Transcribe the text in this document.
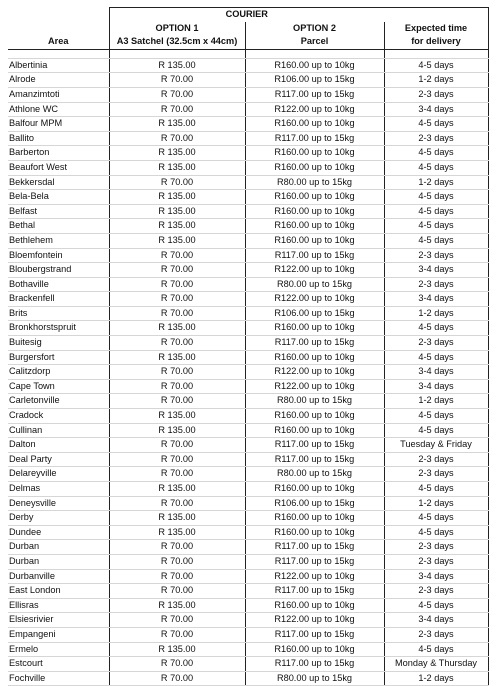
	COURIER		
	OPTION 1	OPTION 2	Expected time
Area	A3 Satchel (32.5cm x 44cm)	Parcel	for delivery

Albertinia	R 135.00	R160.00 up to 10kg	4-5 days
Alrode	R 70.00	R106.00 up to 15kg	1-2 days
Amanzimtoti	R 70.00	R117.00 up to 15kg	2-3 days
Athlone WC	R 70.00	R122.00 up to 10kg	3-4 days
Balfour MPM	R 135.00	R160.00 up to 10kg	4-5 days
Ballito	R 70.00	R117.00 up to 15kg	2-3 days
Barberton	R 135.00	R160.00 up to 10kg	4-5 days
Beaufort West	R 135.00	R160.00 up to 10kg	4-5 days
Bekkersdal	R 70.00	R80.00 up to 15kg	1-2 days
Bela-Bela	R 135.00	R160.00 up to 10kg	4-5 days
Belfast	R 135.00	R160.00 up to 10kg	4-5 days
Bethal	R 135.00	R160.00 up to 10kg	4-5 days
Bethlehem	R 135.00	R160.00 up to 10kg	4-5 days
Bloemfontein	R 70.00	R117.00 up to 15kg	2-3 days
Bloubergstrand	R 70.00	R122.00 up to 10kg	3-4 days
Bothaville	R 70.00	R80.00 up to 15kg	2-3 days
Brackenfell	R 70.00	R122.00 up to 10kg	3-4 days
Brits	R 70.00	R106.00 up to 15kg	1-2 days
Bronkhorstspruit	R 135.00	R160.00 up to 10kg	4-5 days
Buitesig	R 70.00	R117.00 up to 15kg	2-3 days
Burgersfort	R 135.00	R160.00 up to 10kg	4-5 days
Calitzdorp	R 70.00	R122.00 up to 10kg	3-4 days
Cape Town	R 70.00	R122.00 up to 10kg	3-4 days
Carletonville	R 70.00	R80.00 up to 15kg	1-2 days
Cradock	R 135.00	R160.00 up to 10kg	4-5 days
Cullinan	R 135.00	R160.00 up to 10kg	4-5 days
Dalton	R 70.00	R117.00 up to 15kg	Tuesday & Friday
Deal Party	R 70.00	R117.00 up to 15kg	2-3 days
Delareyville	R 70.00	R80.00 up to 15kg	2-3 days
Delmas	R 135.00	R160.00 up to 10kg	4-5 days
Deneysville	R 70.00	R106.00 up to 15kg	1-2 days
Derby	R 135.00	R160.00 up to 10kg	4-5 days
Dundee	R 135.00	R160.00 up to 10kg	4-5 days
Durban	R 70.00	R117.00 up to 15kg	2-3 days
Durban	R 70.00	R117.00 up to 15kg	2-3 days
Durbanville	R 70.00	R122.00 up to 10kg	3-4 days
East London	R 70.00	R117.00 up to 15kg	2-3 days
Ellisras	R 135.00	R160.00 up to 10kg	4-5 days
Elsiesrivier	R 70.00	R122.00 up to 10kg	3-4 days
Empangeni	R 70.00	R117.00 up to 15kg	2-3 days
Ermelo	R 135.00	R160.00 up to 10kg	4-5 days
Estcourt	R 70.00	R117.00 up to 15kg	Monday & Thursday
Fochville	R 70.00	R80.00 up to 15kg	1-2 days
